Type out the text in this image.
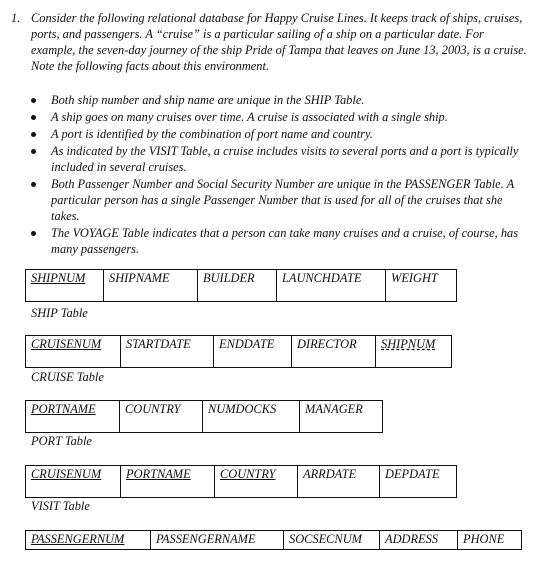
1. Consider the following relational database for Happy Cruise Lines. It keeps track of ships, cruises, ports, and passengers. A “cruise” is a particular sailing of a ship on a particular date. For example, the seven-day journey of the ship Pride of Tampa that leaves on June 13, 2003, is a cruise. Note the following facts about this environment.
Both ship number and ship name are unique in the SHIP Table.
A ship goes on many cruises over time. A cruise is associated with a single ship.
A port is identified by the combination of port name and country.
As indicated by the VISIT Table, a cruise includes visits to several ports and a port is typically included in several cruises.
Both Passenger Number and Social Security Number are unique in the PASSENGER Table. A particular person has a single Passenger Number that is used for all of the cruises that she takes.
The VOYAGE Table indicates that a person can take many cruises and a cruise, of course, has many passengers.
SHIPNUM	SHIPNAME	BUILDER	LAUNCHDATE	WEIGHT
SHIP Table
CRUISENUM	STARTDATE	ENDDATE	DIRECTOR	SHIPNUM
CRUISE Table
PORTNAME	COUNTRY	NUMDOCKS	MANAGER
PORT Table
CRUISENUM	PORTNAME	COUNTRY	ARRDATE	DEPDATE
VISIT Table
PASSENGERNUM	PASSENGERNAME	SOCSECNUM	ADDRESS	PHONE
